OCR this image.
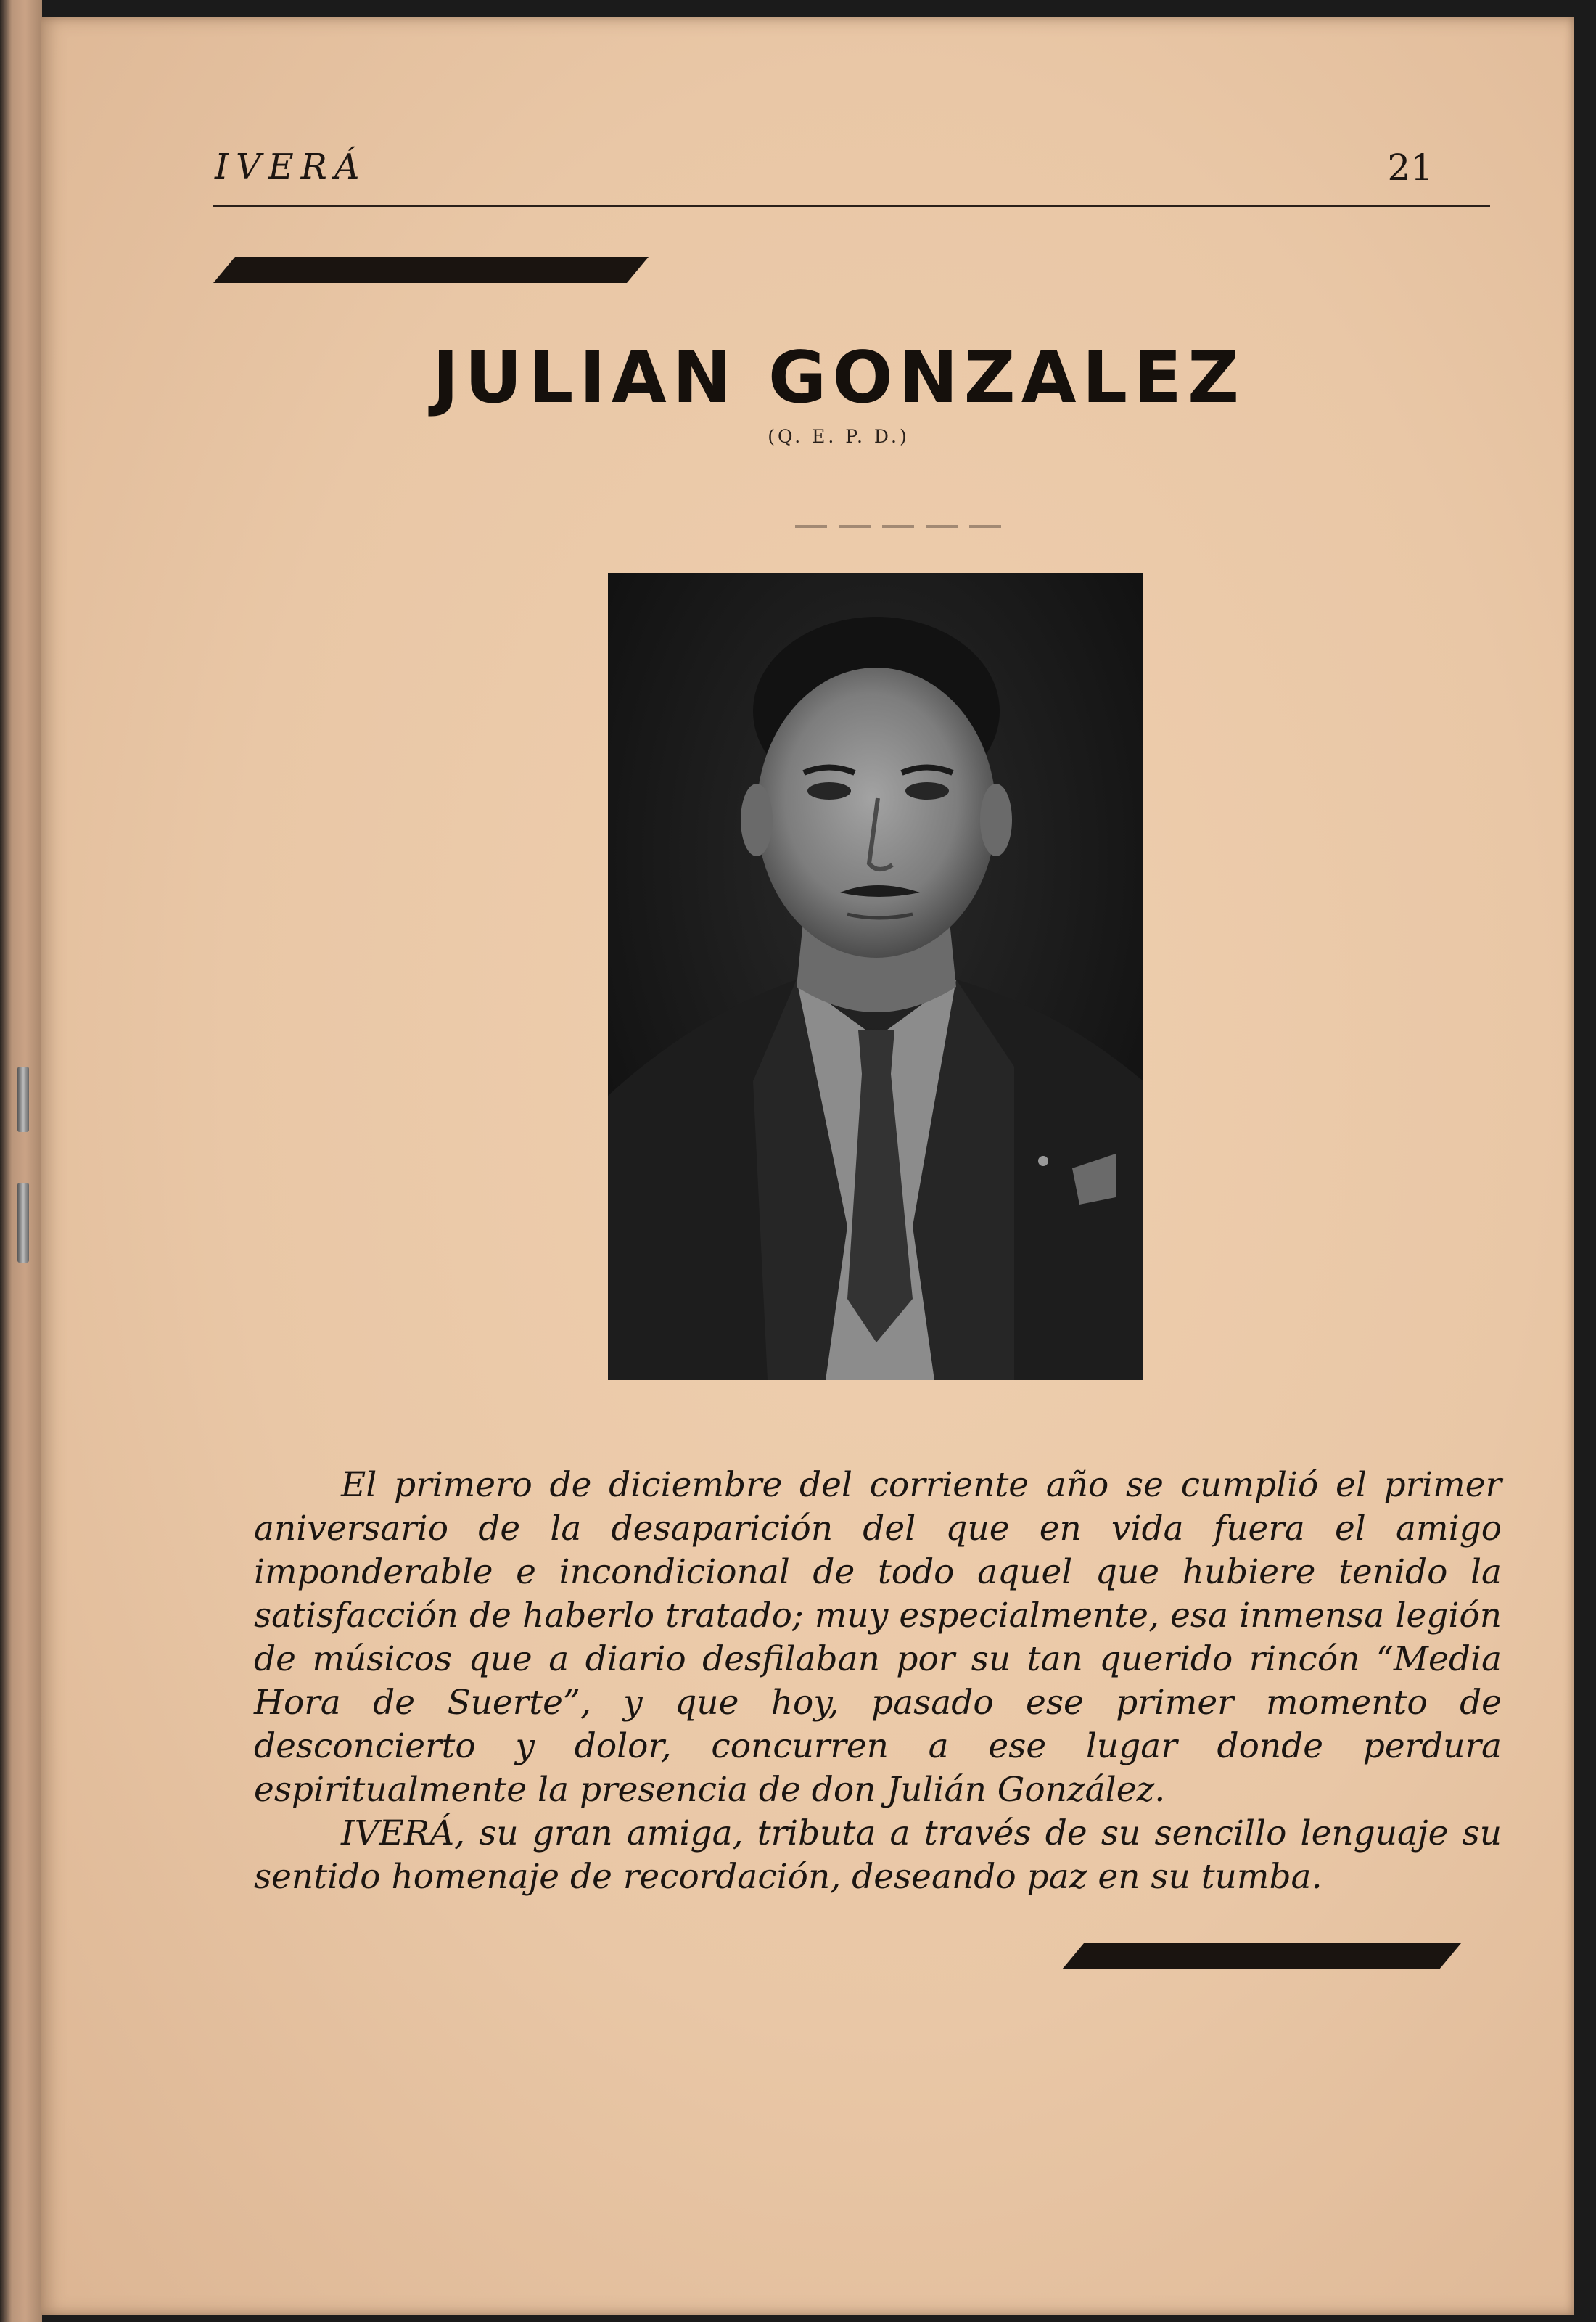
IVERÁ	21
JULIAN GONZALEZ
(Q. E. P. D.)

El primero de diciembre del corriente año se cumplió el primer aniversario de la desaparición del que en vida fuera el amigo imponderable e incondicional de todo aquel que hubiere tenido la satisfacción de haberlo tratado; muy especialmente, esa inmensa legión de músicos que a diario desfilaban por su tan querido rincón “Media Hora de Suerte”, y que hoy, pasado ese primer momento de desconcierto y dolor, concurren a ese lugar donde perdura espiritualmente la presencia de don Julián González.

IVERÁ, su gran amiga, tributa a través de su sencillo lenguaje su sentido homenaje de recordación, deseando paz en su tumba.
